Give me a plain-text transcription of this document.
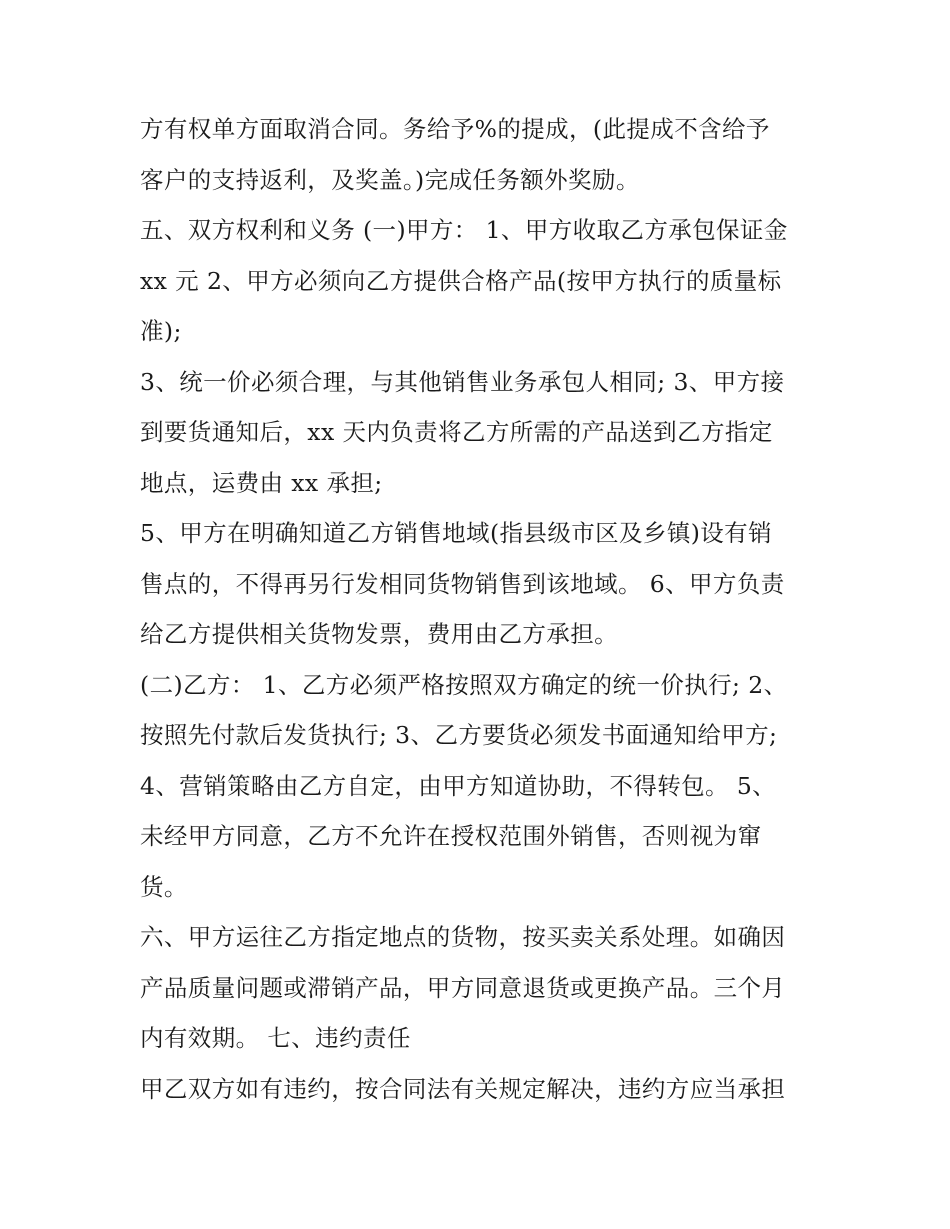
方有权单方面取消合同。务给予%的提成，(此提成不含给予
客户的支持返利，及奖盖。)完成任务额外奖励。
五、双方权利和义务 (一)甲方： 1、甲方收取乙方承包保证金
xx 元 2、甲方必须向乙方提供合格产品(按甲方执行的质量标
准);
3、统一价必须合理，与其他销售业务承包人相同; 3、甲方接
到要货通知后，xx 天内负责将乙方所需的产品送到乙方指定
地点，运费由 xx 承担;
5、甲方在明确知道乙方销售地域(指县级市区及乡镇)设有销
售点的，不得再另行发相同货物销售到该地域。 6、甲方负责
给乙方提供相关货物发票，费用由乙方承担。
(二)乙方： 1、乙方必须严格按照双方确定的统一价执行; 2、
按照先付款后发货执行; 3、乙方要货必须发书面通知给甲方;
4、营销策略由乙方自定，由甲方知道协助，不得转包。 5、
未经甲方同意，乙方不允许在授权范围外销售，否则视为窜
货。
六、甲方运往乙方指定地点的货物，按买卖关系处理。如确因
产品质量问题或滞销产品，甲方同意退货或更换产品。三个月
内有效期。 七、违约责任
甲乙双方如有违约，按合同法有关规定解决，违约方应当承担
